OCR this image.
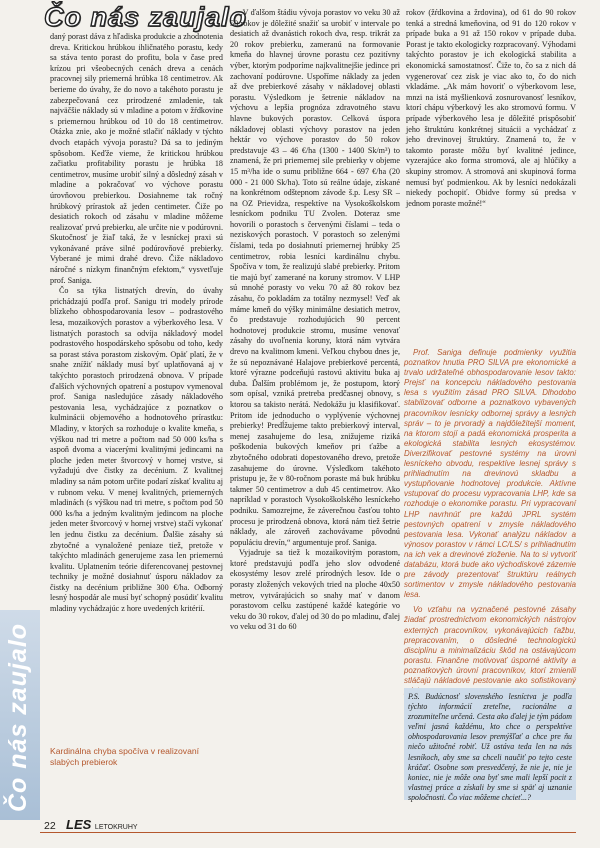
Čo nás zaujalo

daný porast dáva z hľadiska produkcie a zhodnotenia dreva. Kritickou hrúbkou ihličnatého porastu, kedy sa stáva tento porast do profitu, bola v čase pred krízou pri všeobecných cenách dreva a cenách pracovnej sily priemerná hrúbka 18 centimetrov. Ak berieme do úvahy, že do novo a takéhoto porastu je zabezpečovaná cez prirodzené zmladenie, tak najväčšie náklady sú v mladine a potom v žŕdkovine s priemernou hrúbkou od 10 do 18 centimetrov. Otázka znie, ako je možné stlačiť náklady v týchto dvoch etapách vývoja porastu? Dá sa to jediným spôsobom. Keďže vieme, že kritickou hrúbkou začiatku profitability porastu je hrúbka 18 centimetrov, musíme urobiť silný a dôsledný zásah v mladine a pokračovať vo výchove porastu úrovňovou prebierkou. Dosiahneme tak ročný hrúbkový prírastok až jeden centimeter. Čiže po desiatich rokoch od zásahu v mladine môžeme realizovať prvú prebierku, ale určite nie v podúrovni. Skutočnosť je žiaľ taká, že v lesníckej praxi sú vykonávané práve silné podúrovňové prebierky. Vyberané je mimi drahé drevo. Čiže nákladovo náročné s nízkym finančným efektom,“ vysvetľuje prof. Saniga.

Čo sa týka listnatých drevín, do úvahy prichádzajú podľa prof. Sanigu tri modely prírode blízkeho obhospodarovania lesov – podrastového lesa, mozaikových porastov a výberkového lesa. V listnatých porastoch sa odvíja nákladový model podrastového hospodárskeho spôsobu od toho, kedy sa porast stáva porastom ziskovým. Opäť platí, že v snahe znížiť náklady musí byť uplatňovaná aj v takýchto porastoch prirodzená obnova. V prípade ďalších výchovných opatrení a postupov vymenoval prof. Saniga nasledujúce zásady nákladového pestovania lesa, vychádzajúce z poznatkov o kulminácii objemového a hodnotového prírastku: Mladiny, v ktorých sa rozhoduje o kvalite kmeňa, s výškou nad tri metre a počtom nad 50 000 ks/ha s aspoň dvoma a viacerými kvalitnými jedincami na ploche jeden meter štvorcový v hornej vrstve, si vyžadujú dve čistky za decénium. Z kvalitnej mladiny sa nám potom určite podarí získať kvalitu aj v rubnom veku. V menej kvalitných, priemerných mladinách (s výškou nad tri metre, s počtom pod 50 000 ks/ha a jedným kvalitným jedincom na ploche jeden meter štvorcový v hornej vrstve) stačí vykonať len jednu čistku za decénium. Ďalšie zásahy sú zbytočné a vynaložené peniaze tiež, pretože v takýchto mladinách generujeme zasa len priemernú kvalitu. Uplatnením teórie diferencovanej pestovnej techniky je možné dosiahnuť úsporu nákladov za čistky na decénium približne 300 €/ha. Odborný lesný hospodár ale musí byť schopný posúdiť kvalitu mladiny vychádzajúc z hore uvedených kritérií.

Kardinálna chyba spočíva v realizovaní slabých prebierok

„V ďalšom štádiu vývoja porastov vo veku 30 až 50 rokov je dôležité snažiť sa urobiť v intervale po desiatich až dvanástich rokoch dva, resp. trikrát za 20 rokov prebierku, zameranú na formovanie kmeňa do hlavnej úrovne porastu cez pozitívny výber, ktorým podporíme najkvalitnejšie jedince pri zachovaní podúrovne. Uspoříme náklady za jeden až dve prebierkové zásahy v nákladovej oblasti porastu. Výsledkom je šetrenie nákladov na výchovu a lepšia prognóza zdravotného stavu hlavne bukových porastov. Celková úspora nákladovej oblasti výchovy porastov na jeden hektár vo výchove porastov do 50 rokov predstavuje 43 – 46 €/ha (1300 - 1400 Sk/m³) to znamená, že pri priemernej sile prebierky v objeme 15 m³/ha ide o sumu približne 664 - 697 €/ha (20 000 - 21 000 Sk/ha). Toto sú reálne údaje, získané na konkrétnom odštepnom závode š.p. Lesy SR – na OZ Prievidza, respektíve na Vysokoškolskom lesníckom podniku TU Zvolen. Doteraz sme hovorili o porastoch s červenými číslami – teda o neziskových porastoch. V porastoch so zelenými číslami, teda po dosiahnutí priemernej hrúbky 25 centimetrov, robia lesníci kardinálnu chybu. Spočíva v tom, že realizujú slabé prebierky. Pritom tie majú byť zamerané na koruny stromov. V LHP sú mnohé porasty vo veku 70 až 80 rokov bez zásahu, čo pokladám za totálny nezmysel! Veď ak máme kmeň do výšky minimálne desiatich metrov, čo predstavuje rozhodujúcich 90 percent hodnotovej produkcie stromu, musíme venovať zásahy do uvoľnenia koruny, ktorá nám vytvára drevo na kvalitnom kmeni. Veľkou chybou dnes je, že sú nepoznávané Halajove prebierkové percentá, ktoré výrazne podceňujú rastovú aktivitu buka aj duba. Ďalším problémom je, že postupom, ktorý som opísal, vzniká pretreba predčasnej obnovy, s ktorou sa takisto nerátá. Nedokážu ju klasifikovať. Pritom ide jednoducho o vyplýveníe výchovnej prebierky! Predĺžujeme takto prebierkový interval, menej zasahujeme do lesa, znižujeme riziká poškodenia bukových kmeňov pri ťažbe a zbytočného odobrati dopestovaného drevo, pretože zasahujeme do úrovne. Výsledkom takéhoto pristupu je, že v 80-ročnom poraste má buk hrúbku takmer 50 centimetrov a dub 45 centimetrov. Ako napríklad v porastoch Vysokoškolského lesníckeho podniku. Samozrejme, že záverečnou časťou tohto procesu je prirodzená obnova, ktorá nám tiež šetrie náklady, ale zároveň zachovávame pôvodnú populáciu drevín,“ argumentuje prof. Saniga.

Vyjadruje sa tiež k mozaikovitým porastom, ktoré predstavujú podľa jeho slov odvodené ekosystémy lesov zrelé prírodných lesov. Ide o porasty zložených vekových tried na ploche 40x50 metrov, vytvárajúcich so snahy mať v danom porastovom celku zastúpené každé kategórie vo veku do 30 rokov, ďalej od 30 do po mladinu, ďalej vo veku od 31 do 60

rokov (žŕdkovina a žrdovina), od 61 do 90 rokov tenká a stredná kmeňovina, od 91 do 120 rokov v prípade buka a 91 až 150 rokov v prípade duba. Porast je takto ekologicky rozpracovaný. Výhodami takýchto porastov je ich ekologická stabilita a ekonomická samostatnosť. Čiže to, čo sa z nich dá vygenerovať cez zisk je viac ako to, čo do nich vkladáme. „Ak mám hovoriť o výberkovom lese, mnzi na istá myšlienková zosnurovanosť lesníkov, ktorí chápu výberkový les ako stromovú formu. V prípade výberkového lesa je dôležité prispôsobiť jeho štruktúru konkrétnej situácii a vychádzať z jeho drevinovej štruktúry. Znamená to, že v takomto poraste môžu byť kvalitné jedince, vyzerajúce ako forma stromová, ale aj hlúčiky a skupiny stromov. A stromová ani skupinová forma nemusí byť podmienkou. Ak by lesníci nedokázali niekedy pochopiť. Obidve formy sú predsa v jednom poraste možné!“

Prof. Saniga definuje podmienky využitia poznatkov hnutia PRO SILVA pre ekonomické a trvalo udržateľné obhospodarovanie lesov takto: Prejsť na koncepciu nákladového pestovania lesa s využitím zásad PRO SILVA. Dlhodobo stabilizovať odborne a poznatkovo vybavených pracovníkov lesnícky odbornej správy a lesných správ – to je prvoradý a najdôležitejší moment, na ktorom stojí a padá ekonomická prosperita a ekologická stabilita lesných ekosystémov. Diverzifikovať pestovné systémy na úrovni lesníckeho obvodu, respektíve lesnej správy s prihliadnutím na drevinovú skladbu a vystupňovanie hodnotovej produkcie. Aktívne vstupovať do procesu vypracovania LHP, kde sa rozhoduje o ekonomike porastu. Pri vypracovaní LHP navrhnúť pre každú JPRL systém pestovných opatrení v zmysle nákladového pestovania lesa. Vykonať analýzu nákladov a výnosov porastov v rámci LC/LS/ s prihliadnutím na ich vek a drevinové zloženie. Na to si vytvoriť databázu, ktorá bude ako východiskové zázemie pre závody prezentovať štruktúru reálnych sortimentov v zmysle nákladového pestovania lesa.

Vo vzťahu na vyznačené pestovné zásahy žiadať prostredníctvom ekonomických nástrojov externých pracovníkov, vykonávajúcich ťažbu, prepracovaním, o dôsledné technologickú disciplínu a minimalizáciu škôd na ostávajúcom porastu. Finančne motivovať úsporné aktivity a poznatkových úrovní pracovníkov, ktorí zmienili stláčajú nákladové pestovanie ako sofistikovaný

P.S. Budúcnosť slovenského lesníctva je podľa týchto informácií zreteľne, racionálne a zrozumiteľne určená. Cesta ako ďalej je tým pádom veľmi jasná každému, kto chce o perspektíve obhospodarovania lesov premýšľať a chce pre ňu niečo užitočné robiť. Už ostáva teda len na nás lesníkoch, aby sme sa chceli naučiť po tejto ceste kráčať. Osobne som presvedčený, že nie je, nie je koniec, nie je môže ona byť sme mali lepší pocit z vlastnej práce a získali by sme si späť aj uznanie spoločnosti. Čo viac môžeme chcieť...?
Čo nás zaujalo
22 LES LETOKRUHY
